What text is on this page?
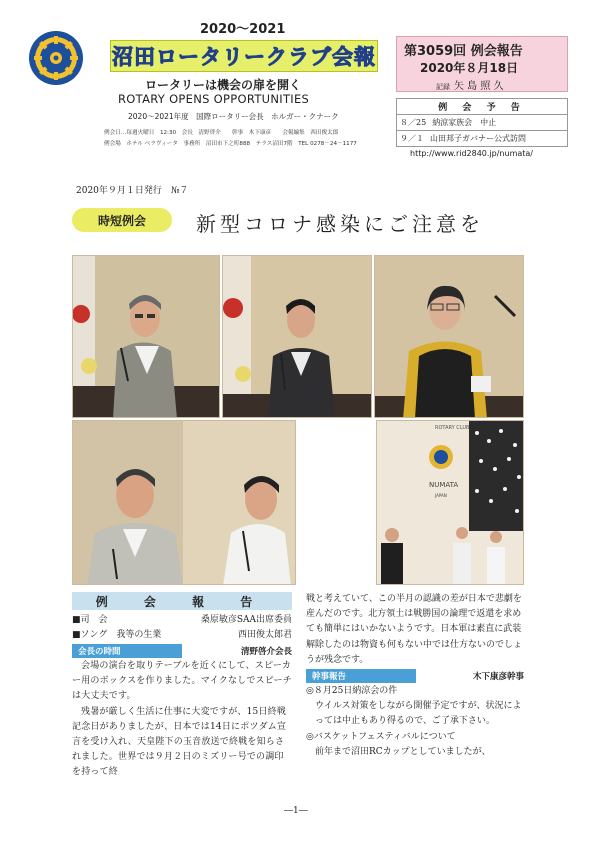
2020～2021
沼田ロータリークラブ会報
ロータリーは機会の扉を開く
ROTARY OPENS OPPORTUNITIES
2020～2021年度　国際ロータリー会長　ホルガー・クナーク
例会日…毎週火曜日　12:30　会長　清野啓介　　幹事　木下康彦　　会報編集　西田俊太郎
例会場　ホテル ベラヴィータ　事務所　沼田市下之町888　テラス沼田7階　TEL 0278－24－1177
第3059回 例会報告
2020年８月18日
記録 矢 島 照 久
例 会 予 告
８／25 納涼家族会　中止
９／１ 山田邦子ガバナー公式訪問
http://www.rid2840.jp/numata/
2020年９月１日発行　№７
時短例会	新型コロナ感染にご注意を
ROTARY CLUB
NUMATA
JAPAN
例 会 報 告
■司　会	桑原敏彦SAA出席委員
■ソング　我等の生業	西田俊太郎君
会長の時間	清野啓介会長

会場の演台を取りテーブルを近くにして、スピーカー用のボックスを作りました。マイクなしでスピーチは大丈夫です。

残暑が厳しく生活に仕事に大変ですが、15日終戦記念日がありましたが、日本では14日にポツダム宣言を受け入れ、天皇陛下の玉音放送で終戦を知らされました。世界では９月２日のミズリー号での調印を持って終

戦と考えていて、この半月の認識の差が日本で悲劇を産んだのです。北方領土は戦勝国の論理で返還を求めても簡単にはいかないようです。日本軍は素直に武装解除したのは物資も何もない中では仕方ないのでしょうが残念です。

幹事報告	木下康彦幹事

◎８月25日納涼会の件

ウイルス対策をしながら開催予定ですが、状況によっては中止もあり得るので、ご了承下さい。

◎バスケットフェスティバルについて

前年まで沼田RCカップとしていましたが、

―1―
